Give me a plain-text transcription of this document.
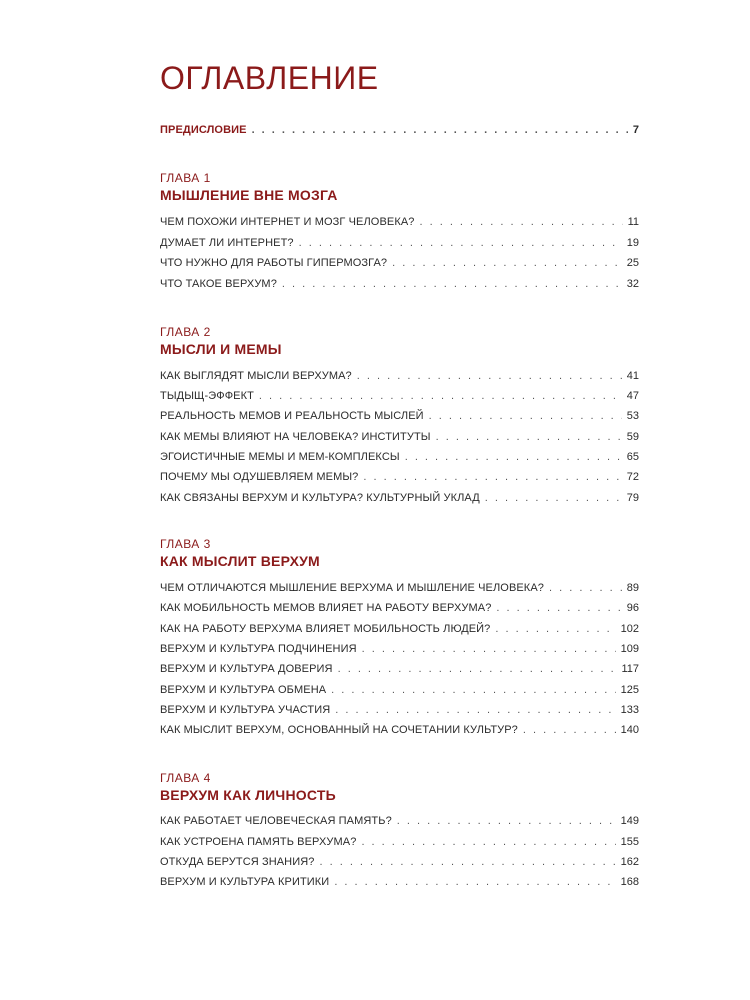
ОГЛАВЛЕНИЕ
ПРЕДИСЛОВИЕ . . .	7
ГЛАВА 1
МЫШЛЕНИЕ ВНЕ МОЗГА
ЧЕМ ПОХОЖИ ИНТЕРНЕТ И МОЗГ ЧЕЛОВЕКА? . . .	11
ДУМАЕТ ЛИ ИНТЕРНЕТ? . . .	19
ЧТО НУЖНО ДЛЯ РАБОТЫ ГИПЕРМОЗГА? . . .	25
ЧТО ТАКОЕ ВЕРХУМ? . . .	32
ГЛАВА 2
МЫСЛИ И МЕМЫ
КАК ВЫГЛЯДЯТ МЫСЛИ ВЕРХУМА? . . .	41
ТЫДЫЩ-ЭФФЕКТ . . .	47
РЕАЛЬНОСТЬ МЕМОВ И РЕАЛЬНОСТЬ МЫСЛЕЙ . . .	53
КАК МЕМЫ ВЛИЯЮТ НА ЧЕЛОВЕКА? ИНСТИТУТЫ . . .	59
ЭГОИСТИЧНЫЕ МЕМЫ И МЕМ-КОМПЛЕКСЫ . . .	65
ПОЧЕМУ МЫ ОДУШЕВЛЯЕМ МЕМЫ? . . .	72
КАК СВЯЗАНЫ ВЕРХУМ И КУЛЬТУРА? КУЛЬТУРНЫЙ УКЛАД . . .	79
ГЛАВА 3
КАК МЫСЛИТ ВЕРХУМ
ЧЕМ ОТЛИЧАЮТСЯ МЫШЛЕНИЕ ВЕРХУМА И МЫШЛЕНИЕ ЧЕЛОВЕКА? . . .	89
КАК МОБИЛЬНОСТЬ МЕМОВ ВЛИЯЕТ НА РАБОТУ ВЕРХУМА? . . .	96
КАК НА РАБОТУ ВЕРХУМА ВЛИЯЕТ МОБИЛЬНОСТЬ ЛЮДЕЙ? . . .	102
ВЕРХУМ И КУЛЬТУРА ПОДЧИНЕНИЯ . . .	109
ВЕРХУМ И КУЛЬТУРА ДОВЕРИЯ . . .	117
ВЕРХУМ И КУЛЬТУРА ОБМЕНА . . .	125
ВЕРХУМ И КУЛЬТУРА УЧАСТИЯ . . .	133
КАК МЫСЛИТ ВЕРХУМ, ОСНОВАННЫЙ НА СОЧЕТАНИИ КУЛЬТУР? . . .	140
ГЛАВА 4
ВЕРХУМ КАК ЛИЧНОСТЬ
КАК РАБОТАЕТ ЧЕЛОВЕЧЕСКАЯ ПАМЯТЬ? . . .	149
КАК УСТРОЕНА ПАМЯТЬ ВЕРХУМА? . . .	155
ОТКУДА БЕРУТСЯ ЗНАНИЯ? . . .	162
ВЕРХУМ И КУЛЬТУРА КРИТИКИ . . .	168
